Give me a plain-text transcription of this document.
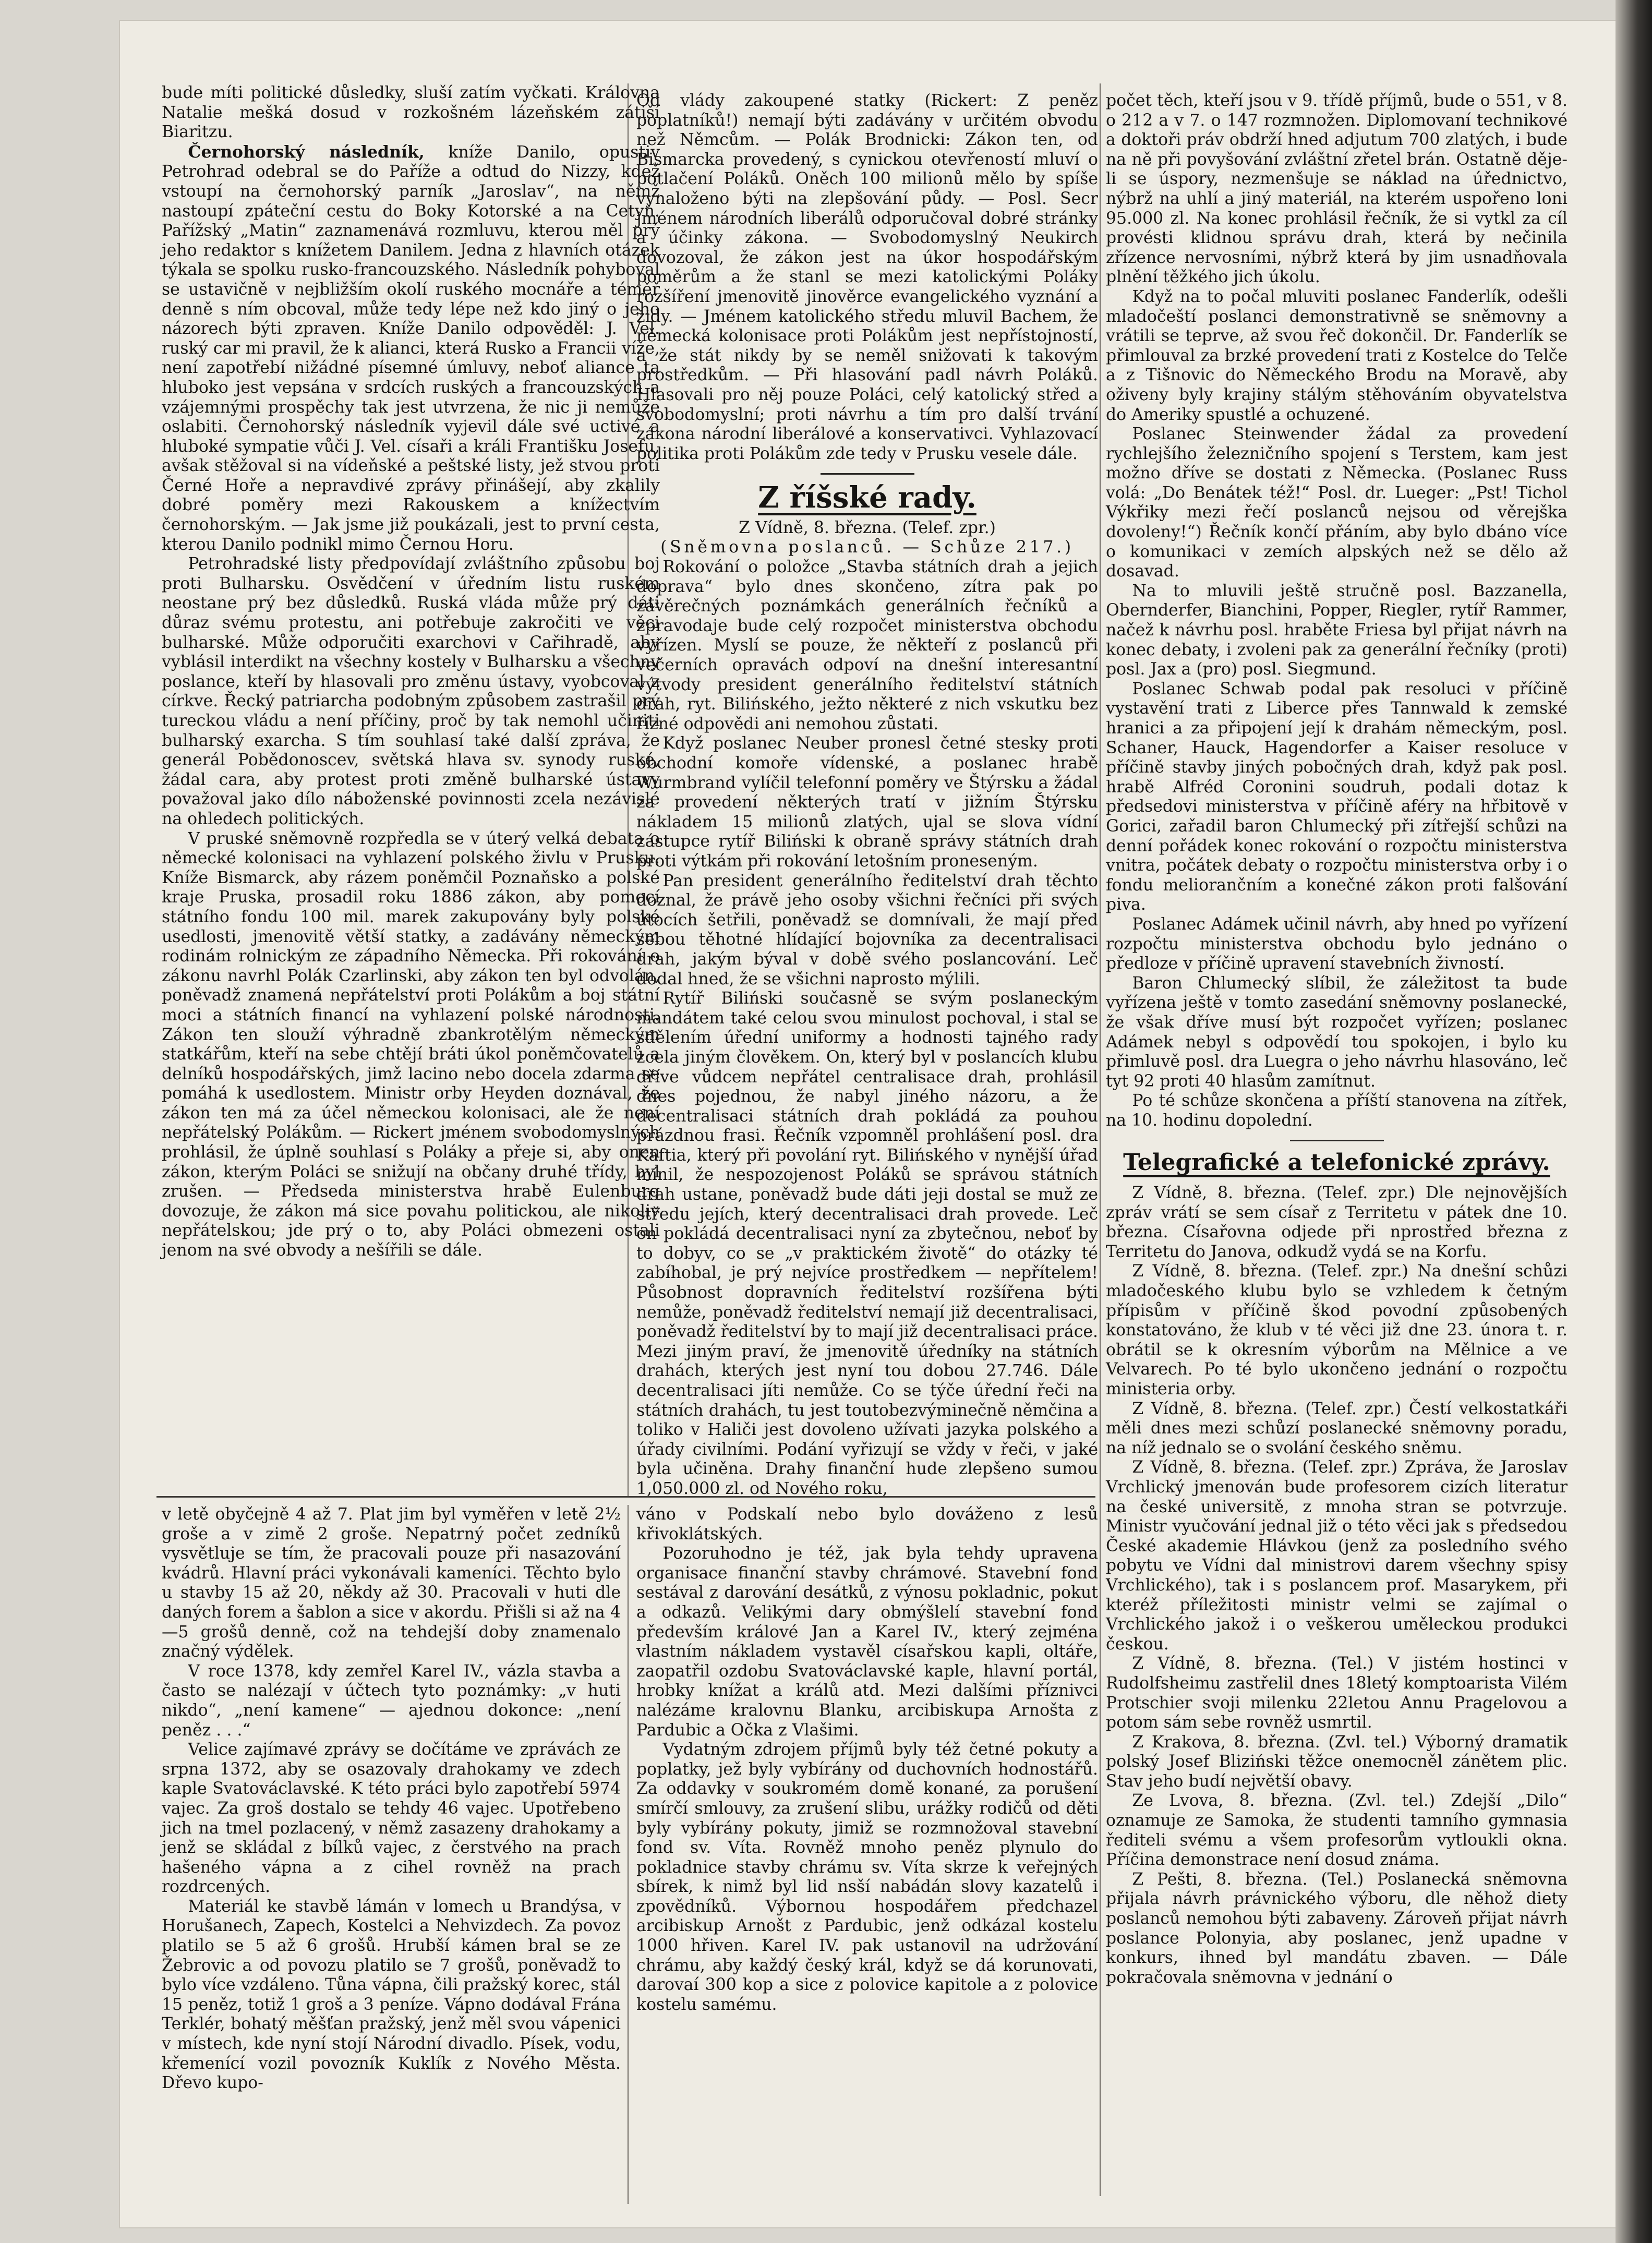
bude míti politické důsledky, sluší zatím vyčkati. Královna Natalie mešká dosud v rozkošném lázeňském zátiší Biaritzu.

Černohorský následník, kníže Danilo, opustiv Petrohrad odebral se do Paříže a odtud do Nizzy, kdež vstoupí na černohorský parník „Jaroslav“, na němž nastoupí zpáteční cestu do Boky Kotorské a na Cetyň. Pařížský „Matin“ zaznamenává rozmluvu, kterou měl prý jeho redaktor s knížetem Danilem. Jedna z hlavních otázek týkala se spolku rusko-francouzského. Následník pohyboval se ustavičně v nejbližším okolí ruského mocnáře a téměř denně s ním obcoval, může tedy lépe než kdo jiný o jeho názorech býti zpraven. Kníže Danilo odpověděl: J. Vel. ruský car mi pravil, že k alianci, která Rusko a Francii víže, není zapotřebí nižádné písemné úmluvy, neboť aliance ta hluboko jest vepsána v srdcích ruských a francouzských a vzájemnými prospěchy tak jest utvrzena, že nic ji nemůže oslabiti. Černohorský následník vyjevil dále své uctivé a hluboké sympatie vůči J. Vel. císaři a králi Františku Josefu, avšak stěžoval si na vídeňské a peštské listy, jež stvou proti Černé Hoře a nepravdivé zprávy přinášejí, aby zkalily dobré poměry mezi Rakouskem a knížectvím černohorským. — Jak jsme již poukázali, jest to první cesta, kterou Danilo podnikl mimo Černou Horu.

Petrohradské listy předpovídají zvláštního způsobu boj proti Bulharsku. Osvědčení v úředním listu ruském neostane prý bez důsledků. Ruská vláda může prý dáti důraz svému protestu, ani potřebuje zakročiti ve věci bulharské. Může odporučiti exarchovi v Cařihradě, aby vyblásil interdikt na všechny kostely v Bulharsku a všechny poslance, kteří by hlasovali pro změnu ústavy, vyobcoval z církve. Řecký patriarcha podobným způsobem zastrašil prý tureckou vládu a není příčiny, proč by tak nemohl učiniti bulharský exarcha. S tím souhlasí také další zpráva, že generál Pobědonoscev, světská hlava sv. synody ruské, žádal cara, aby protest proti změně bulharské ústavy považoval jako dílo náboženské povinnosti zcela nezávislé na ohledech politických.

V pruské sněmovně rozpředla se v úterý velká debata o německé kolonisaci na vyhlazení polského živlu v Prusku. Kníže Bismarck, aby rázem poněmčil Poznaňsko a polské kraje Pruska, prosadil roku 1886 zákon, aby pomocí státního fondu 100 mil. marek zakupovány byly polské usedlosti, jmenovitě větší statky, a zadávány německým rodinám rolnickým ze západního Německa. Při rokování o zákonu navrhl Polák Czarlinski, aby zákon ten byl odvolán, poněvadž znamená nepřátelství proti Polákům a boj státní moci a státních financí na vyhlazení polské národnosti. Zákon ten slouží výhradně zbankrotělým německým statkářům, kteří na sebe chtějí bráti úkol poněmčovatelů a delníků hospodářských, jimž lacino nebo docela zdarma se pomáhá k usedlostem. Ministr orby Heyden doznával, že zákon ten má za účel německou kolonisaci, ale že není nepřátelský Polákům. — Rickert jménem svobodomyslných prohlásil, že úplně souhlasí s Poláky a přeje si, aby onen zákon, kterým Poláci se snižují na občany druhé třídy, byl zrušen. — Předseda ministerstva hrabě Eulenburg dovozuje, že zákon má sice povahu politickou, ale nikoliv nepřátelskou; jde prý o to, aby Poláci obmezeni ostali jenom na své obvody a nešířili se dále.

Od vlády zakoupené statky (Rickert: Z peněz poplatníků!) nemají býti zadávány v určitém obvodu než Němcům. — Polák Brodnicki: Zákon ten, od Bismarcka provedený, s cynickou otevřeností mluví o potlačení Poláků. Oněch 100 milionů mělo by spíše vynaloženo býti na zlepšování půdy. — Posl. Secr jménem národních liberálů odporučoval dobré stránky a účinky zákona. — Svobodomyslný Neukirch dovozoval, že zákon jest na úkor hospodářským poměrům a že stanl se mezi katolickými Poláky rozšíření jmenovitě jinověrce evangelického vyznání a židy. — Jménem katolického středu mluvil Bachem, že německá kolonisace proti Polákům jest nepřístojností, a že stát nikdy by se neměl snižovati k takovým prostředkům. — Při hlasování padl návrh Poláků. Hlasovali pro něj pouze Poláci, celý katolický střed a svobodomyslní; proti návrhu a tím pro další trvání zákona národní liberálové a konservativci. Vyhlazovací politika proti Polákům zde tedy v Prusku vesele dále.

Z říšské rady.

Z Vídně, 8. března. (Telef. zpr.)

(Sněmovna poslanců. — Schůze 217.)

Rokování o položce „Stavba státních drah a jejich doprava“ bylo dnes skončeno, zítra pak po závěrečných poznámkách generálních řečníků a zpravodaje bude celý rozpočet ministerstva obchodu vyřízen. Myslí se pouze, že někteří z poslanců při večerních opravách odpoví na dnešní interesantní výtvody president generálního ředitelství státních drah, ryt. Bilińského, ježto některé z nich vskutku bez řízné odpovědi ani nemohou zůstati.

Když poslanec Neuber pronesl četné stesky proti obchodní komoře vídenské, a poslanec hrabě Wurmbrand vylíčil telefonní poměry ve Štýrsku a žádal za provedení některých tratí v jižním Štýrsku nákladem 15 milionů zlatých, ujal se slova vídní zástupce rytíř Biliński k obraně správy státních drah proti výtkám při rokování letošním proneseným.

Pan president generálního ředitelství drah těchto doznal, že právě jeho osoby všichni řečníci při svých útocích šetřili, poněvadž se domnívali, že mají před sebou těhotné hlídající bojovníka za decentralisaci drah, jakým býval v době svého poslancování. Leč dodal hned, že se všichni naprosto mýlili.

Rytíř Biliński současně se svým poslaneckým mandátem také celou svou minulost pochoval, i stal se sdělením úřední uniformy a hodnosti tajného rady zcela jiným člověkem. On, který byl v poslancích klubu dříve vůdcem nepřátel centralisace drah, prohlásil dnes pojednou, že nabyl jiného názoru, a že decentralisaci státních drah pokládá za pouhou prázdnou frasi. Řečník vzpomněl prohlášení posl. dra Kaftia, který při povolání ryt. Bilińského v nynější úřad mínil, že nespozojenost Poláků se správou státních drah ustane, poněvadž bude dáti jeji dostal se muž ze středu jejích, který decentralisaci drah provede. Leč on pokládá decentralisaci nyní za zbytečnou, neboť by to dobyv, co se „v praktickém životě“ do otázky té zabíhobal, je prý nejvíce prostředkem — nepřítelem! Působnost dopravních ředitelství rozšířena býti nemůže, poněvadž ředitelství nemají již decentralisaci, poněvadž ředitelství by to mají již decentralisaci práce. Mezi jiným praví, že jmenovitě úředníky na státních drahách, kterých jest nyní tou dobou 27.746. Dále decentralisaci jíti nemůže. Co se týče úřední řeči na státních drahách, tu jest toutobezvýminečně němčina a toliko v Haliči jest dovoleno užívati jazyka polského a úřady civilními. Podání vyřizují se vždy v řeči, v jaké byla učiněna. Drahy finanční hude zlepšeno sumou 1,050.000 zl. od Nového roku,

počet těch, kteří jsou v 9. třídě příjmů, bude o 551, v 8. o 212 a v 7. o 147 rozmnožen. Diplomovaní technikové a doktoři práv obdrží hned adjutum 700 zlatých, i bude na ně při povyšování zvláštní zřetel brán. Ostatně děje-li se úspory, nezmenšuje se náklad na úřednictvo, nýbrž na uhlí a jiný materiál, na kterém uspořeno loni 95.000 zl. Na konec prohlásil řečník, že si vytkl za cíl provésti klidnou správu drah, která by nečinila zřízence nervosními, nýbrž která by jim usnadňovala plnění těžkého jich úkolu.

Když na to počal mluviti poslanec Fanderlík, odešli mladočeští poslanci demonstrativně se sněmovny a vrátili se teprve, až svou řeč dokončil. Dr. Fanderlík se přimlouval za brzké provedení trati z Kostelce do Telče a z Tišnovic do Německého Brodu na Moravě, aby oživeny byly krajiny stálým stěhováním obyvatelstva do Ameriky spustlé a ochuzené.

Poslanec Steinwender žádal za provedení rychlejšího železničního spojení s Terstem, kam jest možno dříve se dostati z Německa. (Poslanec Russ volá: „Do Benátek též!“ Posl. dr. Lueger: „Pst! Tichol Výkřiky mezi řečí poslanců nejsou od věrejška dovoleny!“) Řečník končí přáním, aby bylo dbáno více o komunikaci v zemích alpských než se dělo až dosavad.

Na to mluvili ještě stručně posl. Bazzanella, Obernderfer, Bianchini, Popper, Riegler, rytíř Rammer, načež k návrhu posl. hraběte Friesa byl přijat návrh na konec debaty, i zvoleni pak za generální řečníky (proti) posl. Jax a (pro) posl. Siegmund.

Poslanec Schwab podal pak resoluci v příčině vystavění trati z Liberce přes Tannwald k zemské hranici a za připojení její k drahám německým, posl. Schaner, Hauck, Hagendorfer a Kaiser resoluce v příčině stavby jiných pobočných drah, když pak posl. hrabě Alfréd Coronini soudruh, podali dotaz k předsedovi ministerstva v příčině aféry na hřbitově v Gorici, zařadil baron Chlumecký při zítřejší schůzi na denní pořádek konec rokování o rozpočtu ministerstva vnitra, počátek debaty o rozpočtu ministerstva orby i o fondu meliorančním a konečné zákon proti falšování piva.

Poslanec Adámek učinil návrh, aby hned po vyřízení rozpočtu ministerstva obchodu bylo jednáno o předloze v příčině upravení stavebních živností.

Baron Chlumecký slíbil, že záležitost ta bude vyřízena ještě v tomto zasedání sněmovny poslanecké, že však dříve musí být rozpočet vyřízen; poslanec Adámek nebyl s odpovědí tou spokojen, i bylo ku přimluvě posl. dra Luegra o jeho návrhu hlasováno, leč tyt 92 proti 40 hlasům zamítnut.

Po té schůze skončena a příští stanovena na zítřek, na 10. hodinu dopolední.

Telegrafické a telefonické zprávy.

Z Vídně, 8. března. (Telef. zpr.) Dle nejnovějších zpráv vrátí se sem císař z Territetu v pátek dne 10. března. Císařovna odjede při nprostřed března z Territetu do Janova, odkudž vydá se na Korfu.

Z Vídně, 8. března. (Telef. zpr.) Na dnešní schůzi mladočeského klubu bylo se vzhledem k četným přípisům v příčině škod povodní způsobených konstatováno, že klub v té věci již dne 23. února t. r. obrátil se k okresním výborům na Mělnice a ve Velvarech. Po té bylo ukončeno jednání o rozpočtu ministeria orby.

Z Vídně, 8. března. (Telef. zpr.) Čestí velkostatkáři měli dnes mezi schůzí poslanecké sněmovny poradu, na níž jednalo se o svolání českého sněmu.

Z Vídně, 8. března. (Telef. zpr.) Zpráva, že Jaroslav Vrchlický jmenován bude profesorem cizích literatur na české universitě, z mnoha stran se potvrzuje. Ministr vyučování jednal již o této věci jak s předsedou České akademie Hlávkou (jenž za posledního svého pobytu ve Vídni dal ministrovi darem všechny spisy Vrchlického), tak i s poslancem prof. Masarykem, při kteréž příležitosti ministr velmi se zajímal o Vrchlického jakož i o veškerou uměleckou produkci českou.

Z Vídně, 8. března. (Tel.) V jistém hostinci v Rudolfsheimu zastřelil dnes 18letý komptoarista Vilém Protschier svoji milenku 22letou Annu Pragelovou a potom sám sebe rovněž usmrtil.

Z Krakova, 8. března. (Zvl. tel.) Výborný dramatik polský Josef Bliziński těžce onemocněl zánětem plic. Stav jeho budí největší obavy.

Ze Lvova, 8. března. (Zvl. tel.) Zdejší „Dilo“ oznamuje ze Samoka, že studenti tamního gymnasia řediteli svému a všem profesorům vytloukli okna. Příčina demonstrace není dosud známa.

Z Pešti, 8. března. (Tel.) Poslanecká sněmovna přijala návrh právnického výboru, dle něhož diety poslanců nemohou býti zabaveny. Zároveň přijat návrh poslance Polonyia, aby poslanec, jenž upadne v konkurs, ihned byl mandátu zbaven. — Dále pokračovala sněmovna v jednání o

v letě obyčejně 4 až 7. Plat jim byl vyměřen v letě 2½ groše a v zimě 2 groše. Nepatrný počet zedníků vysvětluje se tím, že pracovali pouze při nasazování kvádrů. Hlavní práci vykonávali kameníci. Těchto bylo u stavby 15 až 20, někdy až 30. Pracovali v huti dle daných forem a šablon a sice v akordu. Přišli si až na 4—5 grošů denně, což na tehdejší doby znamenalo značný výdělek.

V roce 1378, kdy zemřel Karel IV., vázla stavba a často se nalézají v účtech tyto poznámky: „v huti nikdo“, „není kamene“ — ajednou dokonce: „není peněz . . .“

Velice zajímavé zprávy se dočítáme ve zprávách ze srpna 1372, aby se osazovaly drahokamy ve zdech kaple Svatováclavské. K této práci bylo zapotřebí 5974 vajec. Za groš dostalo se tehdy 46 vajec. Upotřebeno jich na tmel pozlacený, v němž zasazeny drahokamy a jenž se skládal z bílků vajec, z čerstvého na prach hašeného vápna a z cihel rovněž na prach rozdrcených.

Materiál ke stavbě lámán v lomech u Brandýsa, v Horušanech, Zapech, Kostelci a Nehvizdech. Za povoz platilo se 5 až 6 grošů. Hrubší kámen bral se ze Žebrovic a od povozu platilo se 7 grošů, poněvadž to bylo více vzdáleno. Tůna vápna, čili pražský korec, stál 15 peněz, totiž 1 groš a 3 peníze. Vápno dodával Frána Terklér, bohatý měšťan pražský, jenž měl svou vápenici v místech, kde nyní stojí Národní divadlo. Písek, vodu, křemenící vozil povozník Kuklík z Nového Města. Dřevo kupo-

váno v Podskalí nebo bylo dováženo z lesů křivoklátských.

Pozoruhodno je též, jak byla tehdy upravena organisace finanční stavby chrámové. Stavební fond sestával z darování desátků, z výnosu pokladnic, pokut a odkazů. Velikými dary obmýšlelí stavební fond především králové Jan a Karel IV., který zejména vlastním nákladem vystavěl císařskou kapli, oltáře, zaopatřil ozdobu Svatováclavské kaple, hlavní portál, hrobky knížat a králů atd. Mezi dalšími příznivci nalézáme kralovnu Blanku, arcibiskupa Arnošta z Pardubic a Očka z Vlašimi.

Vydatným zdrojem příjmů byly též četné pokuty a poplatky, jež byly vybírány od duchovních hodnostářů. Za oddavky v soukromém domě konané, za porušení smírčí smlouvy, za zrušení slibu, urážky rodičů od děti byly vybírány pokuty, jimiž se rozmnožoval stavební fond sv. Víta. Rovněž mnoho peněz plynulo do pokladnice stavby chrámu sv. Víta skrze k veřejných sbírek, k nimž byl lid nsší nabádán slovy kazatelů i zpovědníků. Výbornou hospodářem předchazel arcibiskup Arnošt z Pardubic, jenž odkázal kostelu 1000 hřiven. Karel IV. pak ustanovil na udržování chrámu, aby každý český král, když se dá korunovati, darovaí 300 kop a sice z polovice kapitole a z polovice kostelu samému.
